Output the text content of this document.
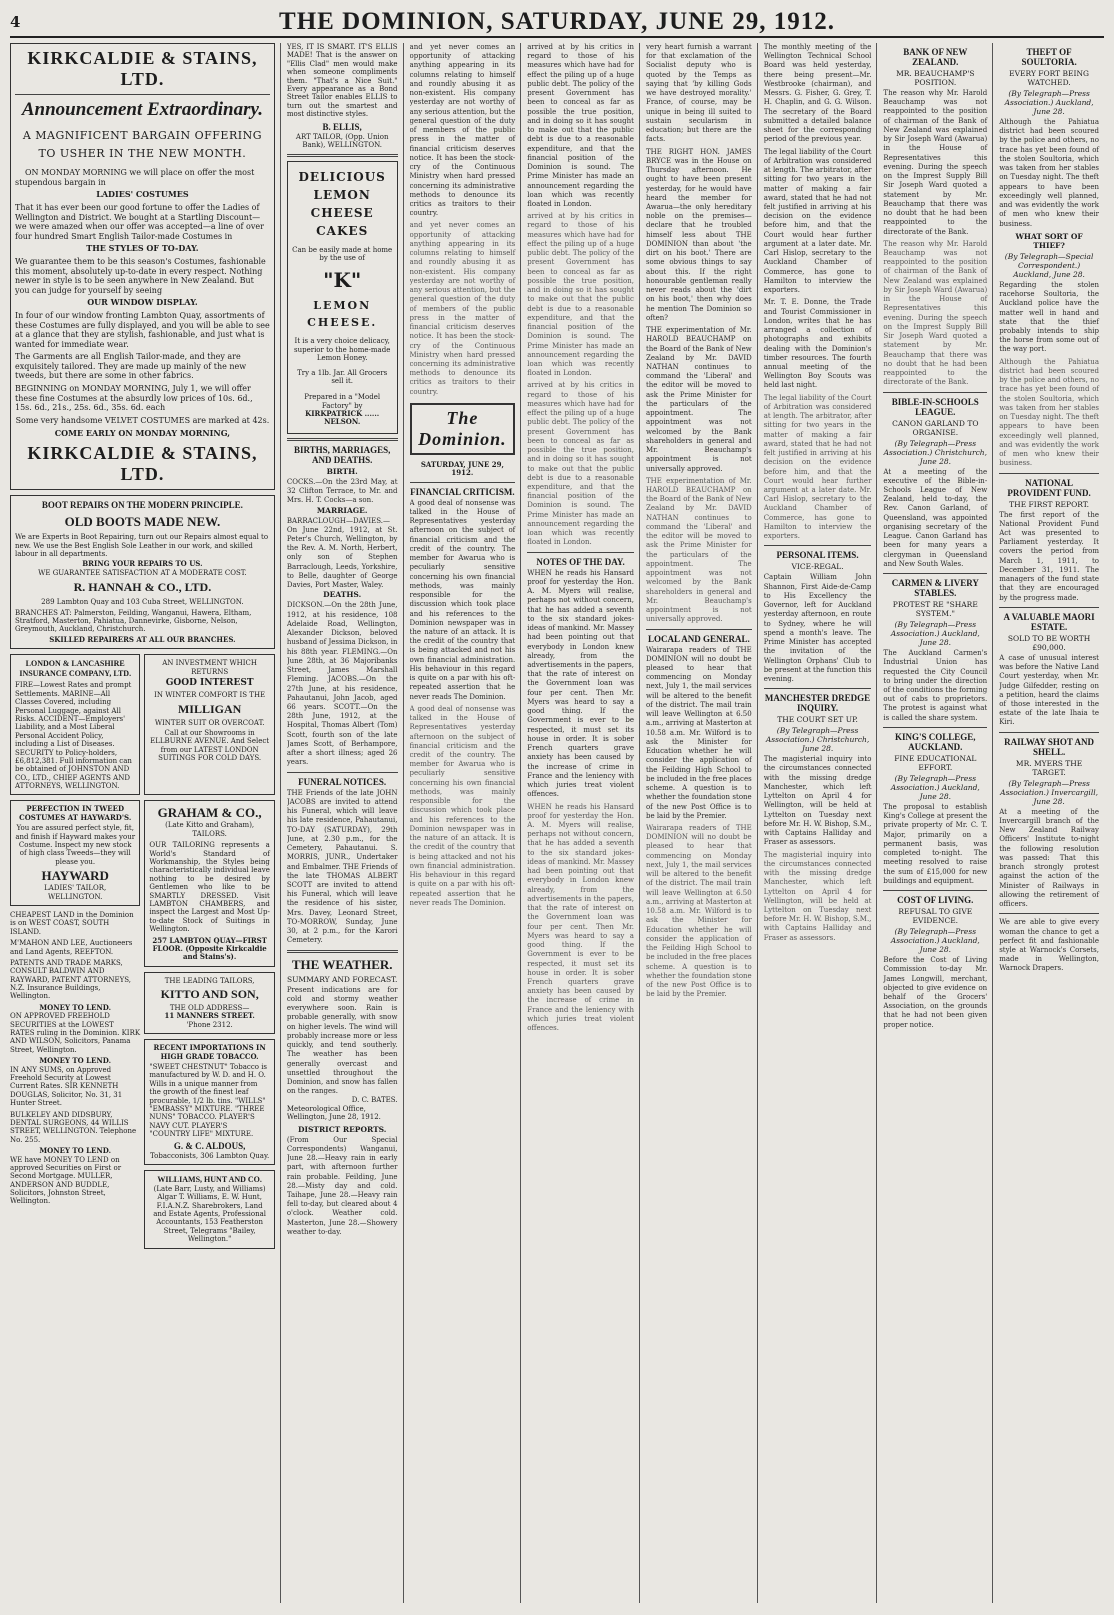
4	THE DOMINION, SATURDAY, JUNE 29, 1912.
KIRKCALDIE & STAINS, LTD.
Announcement Extraordinary.
A MAGNIFICENT BARGAIN OFFERING TO USHER IN THE NEW MONTH.
ON MONDAY MORNING we will place on offer the most stupendous bargain in
LADIES' COSTUMES
That it has ever been our good fortune to offer the Ladies of Wellington and District. We bought at a Startling Discount—we were amazed when our offer was accepted—a line of over four hundred Smart English Tailor-made Costumes in
THE STYLES OF TO-DAY.
We guarantee them to be this season's Costumes, fashionable this moment, absolutely up-to-date in every respect. Nothing newer in style is to be seen anywhere in New Zealand. But you can judge for yourself by seeing
OUR WINDOW DISPLAY.
In four of our window fronting Lambton Quay, assortments of these Costumes are fully displayed, and you will be able to see at a glance that they are stylish, fashionable, and just what is wanted for immediate wear.
The Garments are all English Tailor-made, and they are exquisitely tailored. They are made up mainly of the new tweeds, but there are some in other fabrics.
BEGINNING on MONDAY MORNING, July 1, we will offer these fine Costumes at the absurdly low prices of 10s. 6d., 15s. 6d., 21s., 25s. 6d., 35s. 6d. each
Some very handsome VELVET COSTUMES are marked at 42s.
COME EARLY ON MONDAY MORNING,
KIRKCALDIE & STAINS, LTD.
BOOT REPAIRS ON THE MODERN PRINCIPLE.
OLD BOOTS MADE NEW.
We are Experts in Boot Repairing, turn out our Repairs almost equal to new. We use the Best English Sole Leather in our work, and skilled labour in all departments.
BRING YOUR REPAIRS TO US.
WE GUARANTEE SATISFACTION AT A MODERATE COST.
R. HANNAH & CO., LTD.
289 Lambton Quay and 103 Cuba Street, WELLINGTON.
BRANCHES AT: Palmerston, Feilding, Wanganui, Hawera, Eltham, Stratford, Masterton, Pahiatua, Dannevirke, Gisborne, Nelson, Greymouth, Auckland, Christchurch.
SKILLED REPAIRERS AT ALL OUR BRANCHES.
LONDON & LANCASHIRE INSURANCE COMPANY, LTD.
FIRE—Lowest Rates and prompt Settlements. MARINE—All Classes Covered, including Personal Luggage, against All Risks. ACCIDENT—Employers' Liability, and a Most Liberal Personal Accident Policy, including a List of Diseases. SECURITY to Policy-holders, £6,812,381. Full information can be obtained of JOHNSTON AND CO., LTD., CHIEF AGENTS AND ATTORNEYS, WELLINGTON.
AN INVESTMENT WHICH RETURNS
GOOD INTEREST
IN WINTER COMFORT IS THE
MILLIGAN
WINTER SUIT OR OVERCOAT.
Call at our Showrooms in ELLBURNE AVENUE. And Select from our LATEST LONDON SUITINGS FOR COLD DAYS.
PERFECTION IN TWEED COSTUMES AT HAYWARD'S.
You are assured perfect style, fit, and finish if Hayward makes your Costume. Inspect my new stock of high class Tweeds—they will please you.
HAYWARD
LADIES' TAILOR,
WELLINGTON.
CHEAPEST LAND in the Dominion is on WEST COAST, SOUTH ISLAND.
M'MAHON AND LEE, Auctioneers and Land Agents, REEFTON.
PATENTS AND TRADE MARKS, CONSULT BALDWIN AND RAYWARD, PATENT ATTORNEYS, N.Z. Insurance Buildings, Wellington.
MONEY TO LEND.
ON APPROVED FREEHOLD SECURITIES at the LOWEST RATES ruling in the Dominion. KIRK AND WILSON, Solicitors, Panama Street, Wellington.
MONEY TO LEND.
IN ANY SUMS, on Approved Freehold Security at Lowest Current Rates. SIR KENNETH DOUGLAS, Solicitor, No. 31, 31 Hunter Street.
BULKELEY AND DIDSBURY, DENTAL SURGEONS, 44 WILLIS STREET, WELLINGTON. Telephone No. 255.
MONEY TO LEND.
WE have MONEY TO LEND on approved Securities on First or Second Mortgage. MULLER, ANDERSON AND BUDDLE, Solicitors, Johnston Street, Wellington.
GRAHAM & CO.,
(Late Kitto and Graham), TAILORS.
OUR TAILORING represents a World's Standard of Workmanship, the Styles being characteristically individual leave nothing to be desired by Gentlemen who like to be SMARTLY DRESSED. Visit LAMBTON CHAMBERS, and inspect the Largest and Most Up-to-date Stock of Suitings in Wellington.
257 LAMBTON QUAY—FIRST FLOOR. (Opposite Kirkcaldie and Stains's).
THE LEADING TAILORS,
KITTO AND SON,
THE OLD ADDRESS—
11 MANNERS STREET.
'Phone 2312.
RECENT IMPORTATIONS IN HIGH GRADE TOBACCO.
"SWEET CHESTNUT" Tobacco is manufactured by W. D. and H. O. Wills in a unique manner from the growth of the finest leaf procurable, 1/2 lb. tins. "WILLS" "EMBASSY" MIXTURE. "THREE NUNS" TOBACCO. PLAYER'S NAVY CUT. PLAYER'S "COUNTRY LIFE" MIXTURE.
G. & C. ALDOUS,
Tobacconists, 306 Lambton Quay.
WILLIAMS, HUNT AND CO.
(Late Barr, Lusty, and Williams) Algar T. Williams, E. W. Hunt, F.I.A.N.Z. Sharebrokers, Land and Estate Agents, Professional Accountants, 153 Featherston Street, Telegrams "Bailey, Wellington."
YES, IT IS SMART. IT'S ELLIS MADE! That is the answer on "Ellis Clad" men would make when someone compliments them. "That's a Nice Suit." Every appearance as a Bond Street Tailor enables ELLIS to turn out the smartest and most distinctive styles.
B. ELLIS,
ART TAILOR, (Opp. Union Bank), WELLINGTON.
DELICIOUS
LEMON
CHEESE
CAKES
Can be easily made at home by the use of
"K"
LEMON CHEESE.
It is a very choice delicacy, superior to the home-made Lemon Honey.
Try a 1lb. Jar. All Grocers sell it.
Prepared in a "Model Factory" by
KIRKPATRICK ...... NELSON.
BIRTHS, MARRIAGES, AND DEATHS.
BIRTH.
COCKS.—On the 23rd May, at 32 Clifton Terrace, to Mr. and Mrs. H. T. Cocks—a son.
MARRIAGE.
BARRACLOUGH—DAVIES.—On June 22nd, 1912, at St. Peter's Church, Wellington, by the Rev. A. M. North, Herbert, only son of Stephen Barraclough, Leeds, Yorkshire, to Belle, daughter of George Davies, Port Master, Waley.
DEATHS.
DICKSON.—On the 28th June, 1912, at his residence, 108 Adelaide Road, Wellington, Alexander Dickson, beloved husband of Jessima Dickson, in his 88th year. FLEMING.—On June 28th, at 36 Majoribanks Street, James Marshall Fleming. JACOBS.—On the 27th June, at his residence, Pahautanui, John Jacob, aged 66 years. SCOTT.—On the 28th June, 1912, at the Hospital, Thomas Albert (Tom) Scott, fourth son of the late James Scott, of Berhampore, after a short illness; aged 26 years.
FUNERAL NOTICES.
THE Friends of the late JOHN JACOBS are invited to attend his Funeral, which will leave his late residence, Pahautanui, TO-DAY (SATURDAY), 29th June, at 2.30 p.m., for the Cemetery, Pahautanui. S. MORRIS, JUNR., Undertaker and Embalmer. THE Friends of the late THOMAS ALBERT SCOTT are invited to attend his Funeral, which will leave the residence of his sister, Mrs. Davey, Leonard Street, TO-MORROW, Sunday, June 30, at 2 p.m., for the Karori Cemetery.
THE WEATHER.
SUMMARY AND FORECAST.
Present indications are for cold and stormy weather everywhere soon. Rain is probable generally, with snow on higher levels. The wind will probably increase more or less quickly, and tend southerly. The weather has been generally overcast and unsettled throughout the Dominion, and snow has fallen on the ranges.
D. C. BATES.
Meteorological Office, Wellington, June 28, 1912.
DISTRICT REPORTS.
(From Our Special Correspondents) Wanganui, June 28.—Heavy rain in early part, with afternoon further rain probable. Feilding, June 28.—Misty day and cold. Taihape, June 28.—Heavy rain fell to-day, but cleared about 4 o'clock. Weather cold. Masterton, June 28.—Showery weather to-day.
and yet never comes an opportunity of attacking anything appearing in its columns relating to himself and roundly abusing it as non-existent. His company yesterday are not worthy of any serious attention, but the general question of the duty of members of the public press in the matter of financial criticism deserves notice. It has been the stock-cry of the Continuous Ministry when hard pressed concerning its administrative methods to denounce its critics as traitors to their country.
and yet never comes an opportunity of attacking anything appearing in its columns relating to himself and roundly abusing it as non-existent. His company yesterday are not worthy of any serious attention, but the general question of the duty of members of the public press in the matter of financial criticism deserves notice. It has been the stock-cry of the Continuous Ministry when hard pressed concerning its administrative methods to denounce its critics as traitors to their country.
The Dominion.
SATURDAY, JUNE 29, 1912.
FINANCIAL CRITICISM.
A good deal of nonsense was talked in the House of Representatives yesterday afternoon on the subject of financial criticism and the credit of the country. The member for Awarua who is peculiarly sensitive concerning his own financial methods, was mainly responsible for the discussion which took place and his references to the Dominion newspaper was in the nature of an attack. It is the credit of the country that is being attacked and not his own financial administration. His behaviour in this regard is quite on a par with his oft-repeated assertion that he never reads The Dominion.
A good deal of nonsense was talked in the House of Representatives yesterday afternoon on the subject of financial criticism and the credit of the country. The member for Awarua who is peculiarly sensitive concerning his own financial methods, was mainly responsible for the discussion which took place and his references to the Dominion newspaper was in the nature of an attack. It is the credit of the country that is being attacked and not his own financial administration. His behaviour in this regard is quite on a par with his oft-repeated assertion that he never reads The Dominion.
arrived at by his critics in regard to those of his measures which have had for effect the piling up of a huge public debt. The policy of the present Government has been to conceal as far as possible the true position, and in doing so it has sought to make out that the public debt is due to a reasonable expenditure, and that the financial position of the Dominion is sound. The Prime Minister has made an announcement regarding the loan which was recently floated in London.
arrived at by his critics in regard to those of his measures which have had for effect the piling up of a huge public debt. The policy of the present Government has been to conceal as far as possible the true position, and in doing so it has sought to make out that the public debt is due to a reasonable expenditure, and that the financial position of the Dominion is sound. The Prime Minister has made an announcement regarding the loan which was recently floated in London.
arrived at by his critics in regard to those of his measures which have had for effect the piling up of a huge public debt. The policy of the present Government has been to conceal as far as possible the true position, and in doing so it has sought to make out that the public debt is due to a reasonable expenditure, and that the financial position of the Dominion is sound. The Prime Minister has made an announcement regarding the loan which was recently floated in London.
NOTES OF THE DAY.
WHEN he reads his Hansard proof for yesterday the Hon. A. M. Myers will realise, perhaps not without concern, that he has added a seventh to the six standard jokes-ideas of mankind. Mr. Massey had been pointing out that everybody in London knew already, from the advertisements in the papers, that the rate of interest on the Government loan was four per cent. Then Mr. Myers was heard to say a good thing. If the Government is ever to be respected, it must set its house in order. It is sober French quarters grave anxiety has been caused by the increase of crime in France and the leniency with which juries treat violent offences.
WHEN he reads his Hansard proof for yesterday the Hon. A. M. Myers will realise, perhaps not without concern, that he has added a seventh to the six standard jokes-ideas of mankind. Mr. Massey had been pointing out that everybody in London knew already, from the advertisements in the papers, that the rate of interest on the Government loan was four per cent. Then Mr. Myers was heard to say a good thing. If the Government is ever to be respected, it must set its house in order. It is sober French quarters grave anxiety has been caused by the increase of crime in France and the leniency with which juries treat violent offences.
very heart furnish a warrant for that exclamation of the Socialist deputy who is quoted by the Temps as saying that 'by killing Gods we have destroyed morality.' France, of course, may be unique in being ill suited to sustain secularism in education; but there are the facts.
THE RIGHT HON. JAMES BRYCE was in the House on Thursday afternoon. He ought to have been present yesterday, for he would have heard the member for Awarua—the only hereditary noble on the premises—declare that he troubled himself less about THE DOMINION than about 'the dirt on his boot.' There are some obvious things to say about this. If the right honourable gentleman really never reads about the 'dirt on his boot,' then why does he mention The Dominion so often?
THE experimentation of Mr. HAROLD BEAUCHAMP on the Board of the Bank of New Zealand by Mr. DAVID NATHAN continues to command the 'Liberal' and the editor will be moved to ask the Prime Minister for the particulars of the appointment. The appointment was not welcomed by the Bank shareholders in general and Mr. Beauchamp's appointment is not universally approved.
THE experimentation of Mr. HAROLD BEAUCHAMP on the Board of the Bank of New Zealand by Mr. DAVID NATHAN continues to command the 'Liberal' and the editor will be moved to ask the Prime Minister for the particulars of the appointment. The appointment was not welcomed by the Bank shareholders in general and Mr. Beauchamp's appointment is not universally approved.
LOCAL AND GENERAL.
Wairarapa readers of THE DOMINION will no doubt be pleased to hear that commencing on Monday next, July 1, the mail services will be altered to the benefit of the district. The mail train will leave Wellington at 6.50 a.m., arriving at Masterton at 10.58 a.m. Mr. Wilford is to ask the Minister for Education whether he will consider the application of the Feilding High School to be included in the free places scheme. A question is to whether the foundation stone of the new Post Office is to be laid by the Premier.
Wairarapa readers of THE DOMINION will no doubt be pleased to hear that commencing on Monday next, July 1, the mail services will be altered to the benefit of the district. The mail train will leave Wellington at 6.50 a.m., arriving at Masterton at 10.58 a.m. Mr. Wilford is to ask the Minister for Education whether he will consider the application of the Feilding High School to be included in the free places scheme. A question is to whether the foundation stone of the new Post Office is to be laid by the Premier.
The monthly meeting of the Wellington Technical School Board was held yesterday, there being present—Mr. Westbrooke (chairman), and Messrs. G. Fisher, G. Grey, T. H. Chaplin, and G. G. Wilson. The secretary of the Board submitted a detailed balance sheet for the corresponding period of the previous year.
The legal liability of the Court of Arbitration was considered at length. The arbitrator, after sitting for two years in the matter of making a fair award, stated that he had not felt justified in arriving at his decision on the evidence before him, and that the Court would hear further argument at a later date. Mr. Carl Hislop, secretary to the Auckland Chamber of Commerce, has gone to Hamilton to interview the exporters.
Mr. T. E. Donne, the Trade and Tourist Commissioner in London, writes that he has arranged a collection of photographs and exhibits dealing with the Dominion's timber resources. The fourth annual meeting of the Wellington Boy Scouts was held last night.
The legal liability of the Court of Arbitration was considered at length. The arbitrator, after sitting for two years in the matter of making a fair award, stated that he had not felt justified in arriving at his decision on the evidence before him, and that the Court would hear further argument at a later date. Mr. Carl Hislop, secretary to the Auckland Chamber of Commerce, has gone to Hamilton to interview the exporters.
PERSONAL ITEMS.
VICE-REGAL.
Captain William John Shannon, First Aide-de-Camp to His Excellency the Governor, left for Auckland yesterday afternoon, en route to Sydney, where he will spend a month's leave. The Prime Minister has accepted the invitation of the Wellington Orphans' Club to be present at the function this evening.
MANCHESTER DREDGE INQUIRY.
THE COURT SET UP.
(By Telegraph—Press Association.) Christchurch, June 28.
The magisterial inquiry into the circumstances connected with the missing dredge Manchester, which left Lyttelton on April 4 for Wellington, will be held at Lyttelton on Tuesday next before Mr. H. W. Bishop, S.M., with Captains Halliday and Fraser as assessors.
The magisterial inquiry into the circumstances connected with the missing dredge Manchester, which left Lyttelton on April 4 for Wellington, will be held at Lyttelton on Tuesday next before Mr. H. W. Bishop, S.M., with Captains Halliday and Fraser as assessors.
BANK OF NEW ZEALAND.
MR. BEAUCHAMP'S POSITION.
The reason why Mr. Harold Beauchamp was not reappointed to the position of chairman of the Bank of New Zealand was explained by Sir Joseph Ward (Awarua) in the House of Representatives this evening. During the speech on the Imprest Supply Bill Sir Joseph Ward quoted a statement by Mr. Beauchamp that there was no doubt that he had been reappointed to the directorate of the Bank.
The reason why Mr. Harold Beauchamp was not reappointed to the position of chairman of the Bank of New Zealand was explained by Sir Joseph Ward (Awarua) in the House of Representatives this evening. During the speech on the Imprest Supply Bill Sir Joseph Ward quoted a statement by Mr. Beauchamp that there was no doubt that he had been reappointed to the directorate of the Bank.
BIBLE-IN-SCHOOLS LEAGUE.
CANON GARLAND TO ORGANISE.
(By Telegraph—Press Association.) Christchurch, June 28.
At a meeting of the executive of the Bible-in-Schools League of New Zealand, held to-day, the Rev. Canon Garland, of Queensland, was appointed organising secretary of the League. Canon Garland has been for many years a clergyman in Queensland and New South Wales.
CARMEN & LIVERY STABLES.
PROTEST RE "SHARE SYSTEM."
(By Telegraph—Press Association.) Auckland, June 28.
The Auckland Carmen's Industrial Union has requested the City Council to bring under the direction of the conditions the forming out of cabs to proprietors. The protest is against what is called the share system.
KING'S COLLEGE, AUCKLAND.
FINE EDUCATIONAL EFFORT.
(By Telegraph—Press Association.) Auckland, June 28.
The proposal to establish King's College at present the private property of Mr. C. T. Major, primarily on a permanent basis, was completed to-night. The meeting resolved to raise the sum of £15,000 for new buildings and equipment.
COST OF LIVING.
REFUSAL TO GIVE EVIDENCE.
(By Telegraph—Press Association.) Auckland, June 28.
Before the Cost of Living Commission to-day Mr. James Longwill, merchant, objected to give evidence on behalf of the Grocers' Association, on the grounds that he had not been given proper notice.
THEFT OF SOULTORIA.
EVERY FORT BEING WATCHED.
(By Telegraph—Press Association.) Auckland, June 28.
Although the Pahiatua district had been scoured by the police and others, no trace has yet been found of the stolen Soultoria, which was taken from her stables on Tuesday night. The theft appears to have been exceedingly well planned, and was evidently the work of men who knew their business.
WHAT SORT OF THIEF?
(By Telegraph—Special Correspondent.) Auckland, June 28.
Regarding the stolen racehorse Soultoria, the Auckland police have the matter well in hand and state that the thief probably intends to ship the horse from some out of the way port.
Although the Pahiatua district had been scoured by the police and others, no trace has yet been found of the stolen Soultoria, which was taken from her stables on Tuesday night. The theft appears to have been exceedingly well planned, and was evidently the work of men who knew their business.
NATIONAL PROVIDENT FUND.
THE FIRST REPORT.
The first report of the National Provident Fund Act was presented to Parliament yesterday. It covers the period from March 1, 1911, to December 31, 1911. The managers of the fund state that they are encouraged by the progress made.
A VALUABLE MAORI ESTATE.
SOLD TO BE WORTH £90,000.
A case of unusual interest was before the Native Land Court yesterday, when Mr. Judge Gilfedder, resting on a petition, heard the claims of those interested in the estate of the late Ihaia te Kiri.
RAILWAY SHOT AND SHELL.
MR. MYERS THE TARGET.
(By Telegraph—Press Association.) Invercargill, June 28.
At a meeting of the Invercargill branch of the New Zealand Railway Officers' Institute to-night the following resolution was passed: That this branch strongly protest against the action of the Minister of Railways in allowing the retirement of officers.
We are able to give every woman the chance to get a perfect fit and fashionable style at Warnock's Corsets, made in Wellington, Warnock Drapers.
